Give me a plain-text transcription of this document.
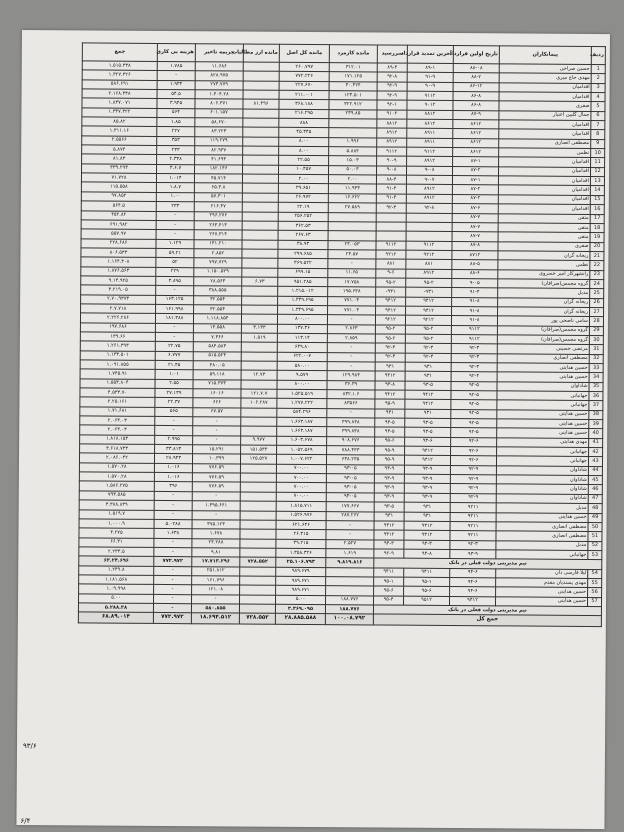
۹۳/۶
۶/۴
ردیف	پیمانکاران	تاریخ اولین قرارداد	آخرین تمدید قرارداد	سررسید	مانده کارمزد	مانده کل اصل	مانده ارز مطالبات	جریمه تاخیر	هزینه بی کاری	جمع
1	حسین صراحی	۸۸-۰۸	۸۹-۱	۸۹-۴	۳۱۲.۰۱	۲۶۰.۷۹۷		۱۱.۶۸۶	۱.۷۸۵	۱.۵۱۵.۳۳۸
2	مهدی حاج میری	۸۸-۲	۹۱-۹	۹۲-۸	۱۷۱.۱۲۵	۷۷۲.۲۲۶		۸۲۸.۹۷۵	-	۱.۳۲۷.۳۲۶
3	اقدامیان	۸۶-۱۲	۹۰-۹	۹۲-۹	۴۰.۴۲۴	۲۲۷.۶۷۰		۲۷۳.۷۷۹	۱.۹۳۴	۵۸۶.۶۹۱
4	اقدامیان	۸۶-۸	۹۱۱۲	۹۲-۹	۱۲۳.۵۰۱	۲۱۱.۰۰۱		۱.۴۰۴.۲۸	۵۴.۵	۲.۱۶۸.۳۳۸
5	صفری	۸۶-۸	۹۰۱۲	۹۲-۱	۳۲۲.۹۱۲	۳۶۸.۱۸۸	۸۱.۴۹۶	۸۰۶.۳۷۱	۳.۹۴۵	۱.۸۳۷.۰۷۱
6	جمال گلبین اعتبار	۸۷-۹	۸۸۱۲	۹۱۰۲	۲۳۹.۸۵	۲۱۶.۲۹۵		۶۰۱.۱۵۷	۵۶۴	۱.۳۳۷.۳۲۲
7	اقدامیان	۸۶۱۲	۸۶۱۲	۸۸۱۲		۸۸۸		۵۸.۶۷۰	۱.۸۵	۸۵.۸۲
8	اقدامیان	۸۶۱۲	۸۹۱۱	۸۹۱۲		۴۵.۳۴۵		۸۳.۲۲۳	۲۲۷	۱.۳۱۱.۱۶
9	مصطفی انصاری	۸۶۱۲	۸۹۱۱	۸۹۱۲	۱.۹۹۶	۸.۰۰		۱۱۹.۲۷۹	۳۵۳	۲.۵۵۶۶
10	نظمی	۸۶۱۲	۹۱۱۲	۹۱۱۲	۵.۸۸۴	۸.۰۰		۸۲.۹۳۷	۲۳۳	۵.۸۷۴
11	اقدامیان	۸۷-۱	۸۹۱۲	۹۰-۹	۱۵.۰۳	۲۲.۵۵		۴۱.۶۹۳	۲.۳۳۸	۸۱.۸۳
12	اقدامیان	۸۷-۲	۹-۰۸	۹-۰۸	۵۰.۰۳	۱۰.۴۵۷		۱۸۲.۱۴۶	۴.۶.۷	۳۳۹.۲۹۳
13	اقدامیان	۸۷-۱	۹-۰۷	۸۸-۴	۲.۰۰	۲.۰۰		۴۵.۷۱۴	۱.۰۱۴	۷۱.۷۲۸
14	اقدامیان	۸۷-۲	۸۹۱۲	۹۱-۴	۱۱.۹۳۳	۳۹.۶۵۱		۶۵.۳.۸	۱.۸.۷	۱۱۵.۵۵۸
15	اقدامیان	۸۷-۲	۸۹۱۲	۹۱-۴	۱۶.۶۲۲	۲۶.۹۷۲		۵۷.۳۰۱	۱.۰۰	۹۷.۸۵۲
16	اقدامیان	۸۷-۶	۹۲-۸	۹۲-۳	۲۷.۵۸۹	۲۲.۱۹		۲۱۶.۴۷	۲۳۳	۵۶۴.۵
17	متقی	۸۷-۷				۲۵۶.۲۵۲		۲۹۶.۲۷۶	-	۴۵۲.۸۲
18	متقی	۸۷-۷				۳۶۲.۵۳		۲۶۳.۴۱۳	-	۶۹۱.۹۸۲
19	متقی	۸۷-۷				۲۶۷.۶۳		۲۶۷.۳۱۴	-	۵۵۷.۹۷
20	صفری	۸۷-۸	۹۱۱۲	۹۱۱۲	۲۳.۰۵۳	۳۸.۹۳		۱۴۱.۲۱۰	۱.۱۲۹	۲۲۸.۶۸۶
21	ریحانه گران	۸۷۱۲	۹۲۱۲	۹۲۱۲	۲۴.۵۷	۲۹۹.۶۸۵		۲.۸۵۲	۵۹.۲۱	۸۰۶.۵۳۳
22	نظمی	۸۸-۵	۸۸۱	۸۸۱	-	۳۶۹.۵۲۲		۷۹۷.۷۲۹	۵۲	۱.۱۶۴.۳۰۸
23	رانشهرکار امیر خسروی	۸۸-۶	۸۹۱۲	۹-۶	۱۱.۶۵	۶۹۹.۱۵		۱.۱۵۰.۵۲۹	۲۲۹	۱.۸۷۶.۵۶۳
24	گروه مجمس(صرافان)	۹-۰۵	۹۵-۲	۹۵-۲	۱۷.۷۵۸	۹۵۱.۲۸۵	۶.۷۳	۲۸.۵۶۳	۴.۸۹۵	۹.۱۳.۹۲۵
25	مدبل	۹۱-۴	۹۳۱-	۹۳۱-	۱۹۵.۶۳۸	۱.۲۱۵.۰۱۲		۳۸۸.۵۵۵	-	۳.۲۱۹.۰۵
26	ریحانه گران	۹۱-۸	۹۴۱۲	۹۴۱۲	۷۷۱.۰۳	۱.۳۴۹.۶۹۵		۳۲.۵۵۴	۱۶۳.۱۲۵	۲.۷۰.۹۳۷۳
27	ریحانه گران	۹۱-۸	۹۴۱۲	۹۴۱۲	۷۷۱.۰۳	۱.۳۴۹.۶۹۵		۳۲.۵۵۴	۱۶۱.۹۹۸	۲.۷.۷۱۸
28	سامی ناصحی پور	۹۱-۸	۹۲۱۲	۹۲۱۲	-	۸۰۰.۰۰		۱.۱۱۸.۸۵۴	۱۸۱.۳۸۸	۲.۲۲۶.۲۸۶
29	گروه مجمس(صرافان)	۹۱۱۲	۹۵-۲	۹۵-۲	۲.۸۶۳	۱۳۷.۳۶	۳.۱۳۳	۱۴.۵۵۸	-	۱۹۷.۶۸۶
30	گروه مجمس(صرافان)	۹۱۱۲	۹۵-۲	۹۵-۲	۲.۸۵۹	۱۱۳.۱۴	۱.۵۱۹	۷.۳۶۶	-	۱۳۹.۶۶
31	مرتضی حسینی	۹۲-۳	۹۲-۳	۹۲-۳	-	۶۴۹.۸۰		۵۸۴.۵۸۳	۲۲.۷۵	۱.۲۶۱.۳۹۳
32	مصطفی انصاری	۹۲-۳	۹۲-۳	۹۲-۳	-	۶۲۲.۰۰۷		۵۱۵.۵۲۴	۶.۷۷۷	۱.۱۳۳.۵۰۱
33	حسین هدایتی	۹۲-۳	۹۳۱	۹۳۱	-	۵۸۰.۰۰		۴۸۰.۰۵	۲۱.۴۵	۱.۰۹۱.۸۵۵
34	حسین هدایتی	۹۲-۴	۹۳۱	۹۴۱۲	۱۲۹.۹۸۳	۹.۵۷۹	۱۲.۷۳	۵۹.۱۱۸	۱.۰۱	۱.۷۴۵.۹۱
35	شاداوان	۹۲-۵	۹۳-۵	۹۳-۸	۳۶.۳۹	۸۰۰.۰۰		۷۱۵.۳۷۳	۲.۵۵	۱.۵۵۳.۸۰۴
36	جهانبانی	۹۲-۵	۹۴۱۲	۹۴۱۲	۸۳۲.۱.۶	۱.۵۲۵.۵۱۹	۱۲۱.۷.۷	۱۶۰۱۶	۲۷.۱۳۹	۴.۵۳۳.۷۰
37	جهانبانی	۹۲-۵	۹۴۱۲	۹۵-۹	۸۳۵۶۶	۱.۲۷۷.۲۲۲	۱۰۶.۲۸۷	۶۶۶	۲۲.۳۷	۲.۲۵.۱۶۱
38	حسین هدایتی	۹۲-۵	۹۳۱	۹۳۱	-	۵۸۴.۲۹۶		۶۷.۵۷	۵۶۵	۱.۷۱.۶۸۱
39	حسین هدایتی	۹۲-۵	۹۳-۵	۹۳-۵	۳۹۹.۸۳۸	۱.۶۶۳.۱۸۷		-	-	۲.۰۶۳.۰۳
40	حسین هدایتی	۹۲-۵	۹۳-۵	۹۳-۵	۳۹۹.۸۳۸	۱.۶۶۳.۱۸۷		-	-	۲.۰۶۳.۰۳
41	مهدی هدایتی	۹۲-۶	۹۳-۶	۹۵-۶	۹۰۸.۶۷۶	۱.۶۰۳.۶۷۸	۹.۹۷۷	-	۲.۹۹۵	۱.۸۱۸.۱۵۳
42	جهانبانی	۹۲-۶	۹۴۱۲	۹۵-۹	۷۸۸.۴۳۳	۱.۰۵۲.۵۶۹	۱۵۱.۵۳۴	۱۵.۲۹۱	۳۳.۸۱۳	۳.۶۱۸.۷۳۳
43	جهانبانی	۹۲-۶	۹۴۱۲	۹۵-۹	۶۳۸.۲۳۵	۱.۰۰۷.۶۲۲	۱۲۵.۵۲۷	۱۰.۳۹۹	۲۸.۹۴۳	۲.۰۸۶.۰۴۲
44	شاداوان	۹۲-۹	۹۳-۹	۹۳-۹	۹۳-۰۵	۷۰۰.۰۰		۷۷۶.۵۹	۱.۰۱۶	۱.۵۷۰.۲۸
45	شاداوان	۹۲-۹	۹۳-۹	۹۳-۹	۹۳-۰۵	۷۰۰.۰۰		۷۷۶.۵۹	۱.۰۱۶	۱.۵۷۰.۲۸
46	شاداوان	۹۲-۹	۹۳-۹	۹۳-۹	۹۳-۰۵	۷۰۰.۰۰		۷۷۶.۵۹	۳۹۶	۱.۵۸۶.۲۷۵
47	شاداوان	۹۲-۹	۹۳-۹	۹۳-۹	۹۳-۰۵	۷۰۰.۰۰		-	-	۷۹۳.۵۸۵
48	مدبل	۹۲۱۱	۹۳۱	۹۳-۵	۱۷۷.۶۶۷	۱.۸۱۵.۷۱۱		۱.۳۹۵.۶۶۱	-	۳.۳۸۸.۸۳۹
49	حسین هدایتی	۹۲۱۱	۹۳۱	۹۳۱	۲۸۷.۲۶۲	۱.۵۲۶.۹۷۶		-	-	۱.۵۱۹.۷
50	مصطفی انصاری	۹۲۱۱	۹۳۱۲	۹۳۱۲	-	۶۲۱.۶۴۶		۳۷۵.۱۲۳	۵.۰۲۸۸	۱.۰۰۰.۹
51	مصطفی انصاری	۹۲۱۱	۹۳۱۲	۹۳۱۲	-	۲۶.۳۱۵		۱.۶۷۸	۱.۶۳۸	۴.۲۷۵
52	مدبل	۹۲-۳	۹۴-۳	۹۴-۳	۲.۵۲۷	۳۹.۲۱۵		۲۴.۲۸۸	-	۶۶.۳۱
53	جهانبانی	۹۳-۹	۹۴-۸	۹۲-۹	۱.۶۱۹	۱.۳۵۸.۳۲۶		۹.۸۱	-	۲.۲۳۳.۵
تیم مدیریتی دولت قبلی در بانک					۹.۸۱۹.۸۱۶	۲۵.۱۰۶.۷۹۳	۷۲۸.۵۵۲	۱۷.۷۱۳.۲۹۶	۷۷۲.۹۷۲	۶۳.۲۴.۶۹۶
54	لیلا فارسی دان	۹۴-۶	۹۴۱۱	۹۴۱۱		۹۸۹.۶۷۹		۲۵۱.۸۱۲	-	۱.۲۴۹.۸
55	مهدی پسندیان مقدم	۹۴-۶	۹۵-۱	۹۵-۱		۹۸۹.۶۷۱		۱۶۱.۷۹۶	-	۱.۱۸۱.۵۶۸
56	حسین هدایتی	۹۴-۶	۹۵-۶	۹۵-۶		۹۸۹.۶۷۱		۱۲۱.۰۸	-	۱.۰۹.۹۹۸
57	حسین هدایتی	۹۴۱۲	۹۵۱۲	۹۵-۴	۱۸۸.۷۷۶	۵.۰۰		-	-	۵.۰۰
تیم مدیریتی دولت فعلی در بانک					۱۸۸.۷۷۶	۳.۳۶۹.۰۹۵		۵۸۰.۸۵۵	-	۵.۲۸۸.۳۸
جمع کل					۱۰۰.۰۸.۷۹۲	۲۸.۸۸۵.۵۸۸	۷۲۸.۵۵۲	۱۸.۶۹۴.۵۱۲	۷۷۲.۹۷۲	۶۸.۸۹.۰۱۴
